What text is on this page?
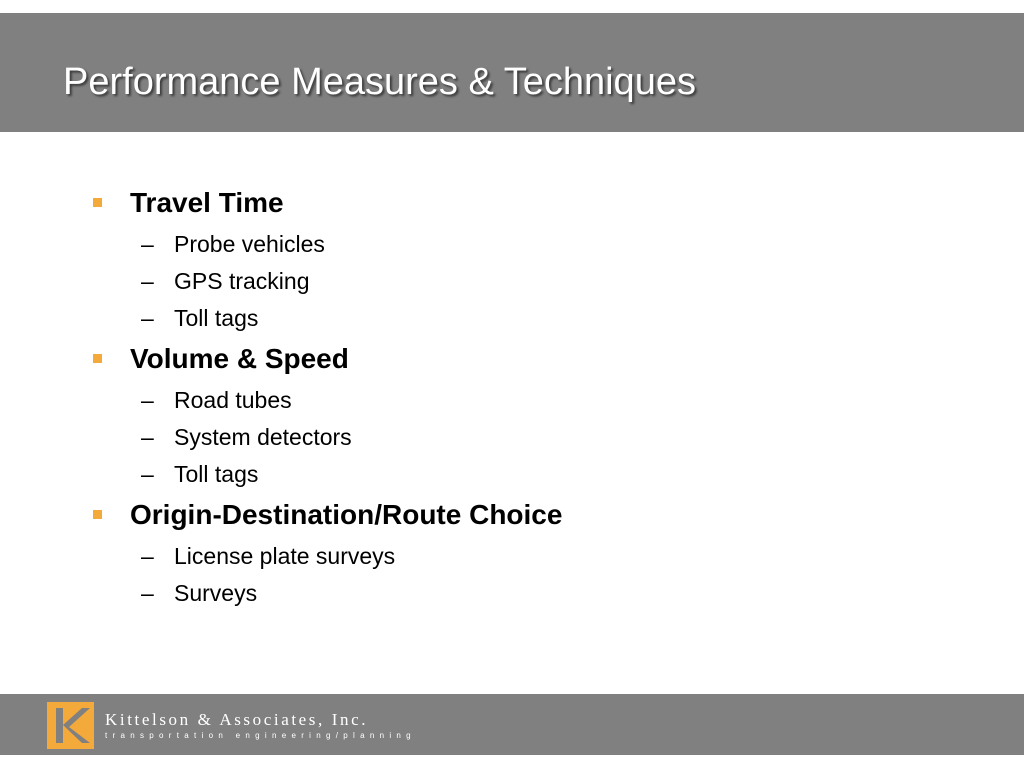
Performance Measures & Techniques
Travel Time
– Probe vehicles
– GPS tracking
– Toll tags
Volume & Speed
– Road tubes
– System detectors
– Toll tags
Origin-Destination/Route Choice
– License plate surveys
– Surveys
Kittelson & Associates, Inc.
transportation engineering/planning
